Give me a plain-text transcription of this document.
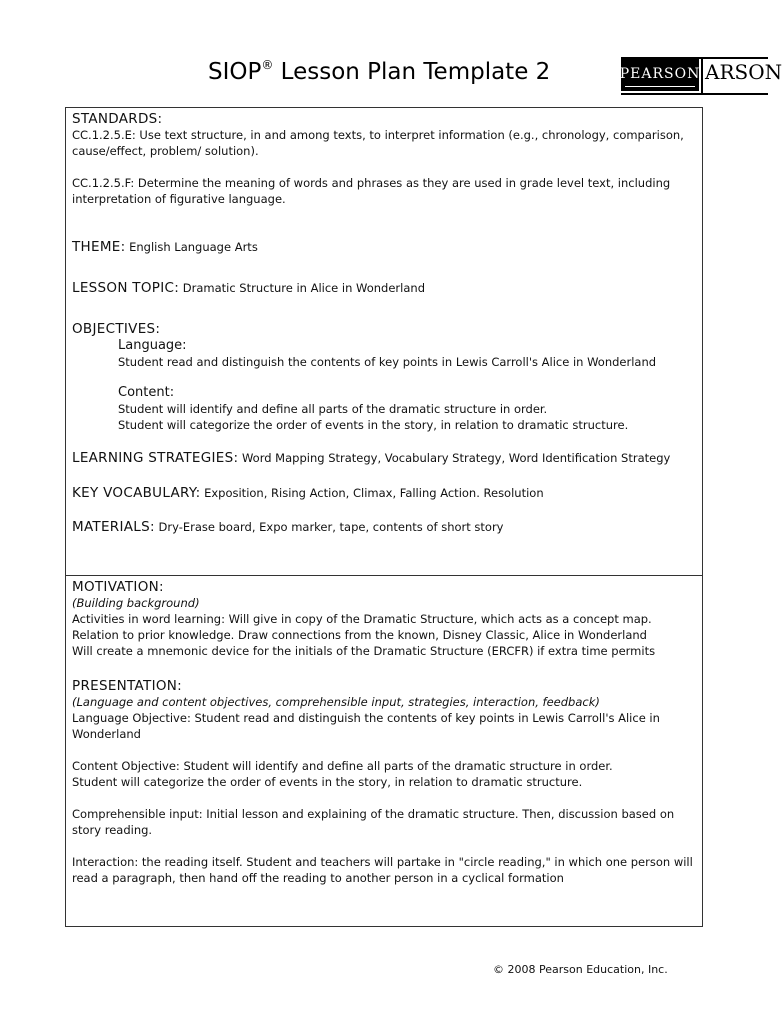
SIOP® Lesson Plan Template 2	PEARSON ARSON
STANDARDS:

CC.1.2.5.E: Use text structure, in and among texts, to interpret information (e.g., chronology, comparison, cause/effect, problem/ solution).

CC.1.2.5.F: Determine the meaning of words and phrases as they are used in grade level text, including interpretation of figurative language.

THEME: English Language Arts

LESSON TOPIC: Dramatic Structure in Alice in Wonderland

OBJECTIVES:
Language:

Student read and distinguish the contents of key points in Lewis Carroll's Alice in Wonderland

Content:

Student will identify and define all parts of the dramatic structure in order.

Student will categorize the order of events in the story, in relation to dramatic structure.

LEARNING STRATEGIES: Word Mapping Strategy, Vocabulary Strategy, Word Identification Strategy

KEY VOCABULARY: Exposition, Rising Action, Climax, Falling Action. Resolution

MATERIALS: Dry-Erase board, Expo marker, tape, contents of short story

MOTIVATION:
(Building background)

Activities in word learning: Will give in copy of the Dramatic Structure, which acts as a concept map.

Relation to prior knowledge. Draw connections from the known, Disney Classic, Alice in Wonderland

Will create a mnemonic device for the initials of the Dramatic Structure (ERCFR) if extra time permits

PRESENTATION:
(Language and content objectives, comprehensible input, strategies, interaction, feedback)

Language Objective: Student read and distinguish the contents of key points in Lewis Carroll's Alice in Wonderland

Content Objective: Student will identify and define all parts of the dramatic structure in order.

Student will categorize the order of events in the story, in relation to dramatic structure.

Comprehensible input: Initial lesson and explaining of the dramatic structure. Then, discussion based on story reading.

Interaction: the reading itself. Student and teachers will partake in "circle reading," in which one person will read a paragraph, then hand off the reading to another person in a cyclical formation

© 2008 Pearson Education, Inc.
